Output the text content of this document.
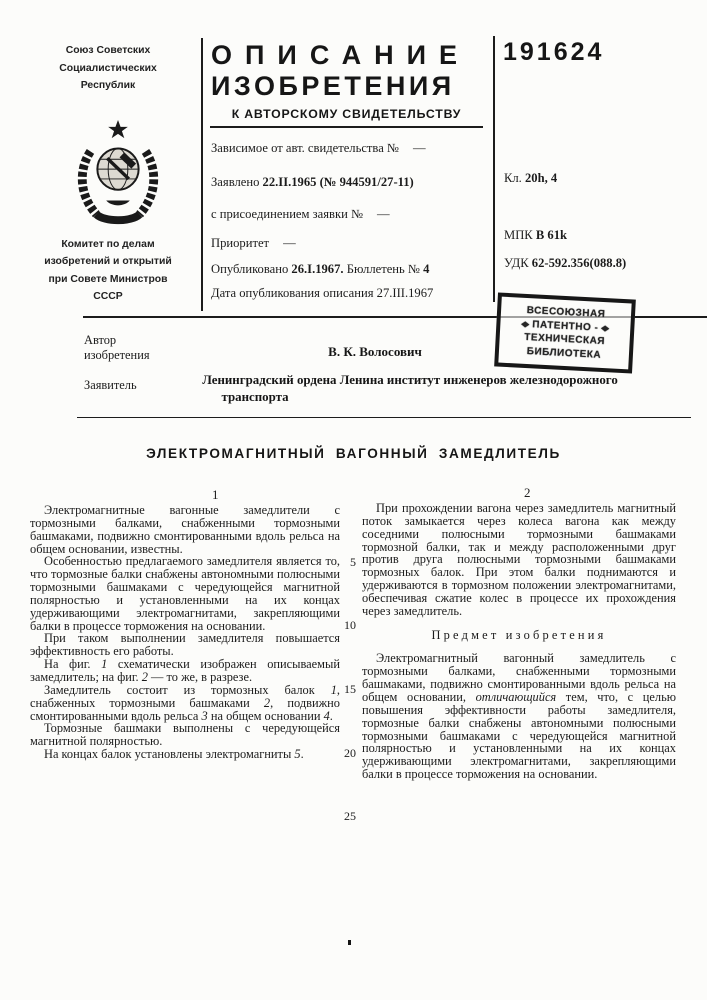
Союз Советских
Социалистических
Республик
Комитет по делам
изобретений и открытий
при Совете Министров
СССР
ОПИСАНИЕ
ИЗОБРЕТЕНИЯ
К АВТОРСКОМУ СВИДЕТЕЛЬСТВУ
191624
Зависимое от авт. свидетельства № —
Заявлено 22.II.1965 (№ 944591/27-11)
с присоединением заявки № —
Приоритет —
Опубликовано 26.I.1967. Бюллетень № 4
Дата опубликования описания 27.III.1967
Кл. 20h, 4
МПК В 61k
УДК 62-592.356(088.8)
ВСЕСОЮЗНАЯ
◆ ПАТЕНТНО - ◆
ТЕХНИЧЕСКАЯ
БИБЛИОТЕКА
Автор
изобретения	В. К. Волосович
Заявитель	Ленинградский ордена Ленина институт инженеров железнодорожного
транспорта
ЭЛЕКТРОМАГНИТНЫЙ ВАГОННЫЙ ЗАМЕДЛИТЕЛЬ
1	2

Электромагнитные вагонные замедлители с тормозными балками, снабженными тормозными башмаками, подвижно смонтированными вдоль рельса на общем основании, известны.

Особенностью предлагаемого замедлителя является то, что тормозные балки снабжены автономными полюсными тормозными башмаками с чередующейся магнитной полярностью и установленными на их концах удерживающими электромагнитами, закрепляющими балки в процессе торможения на основании.

При таком выполнении замедлителя повышается эффективность его работы.

На фиг. 1 схематически изображен описываемый замедлитель; на фиг. 2 — то же, в разрезе.

Замедлитель состоит из тормозных балок 1, снабженных тормозными башмаками 2, подвижно смонтированными вдоль рельса 3 на общем основании 4.

Тормозные башмаки выполнены с чередующейся магнитной полярностью.

На концах балок установлены электромагниты 5.

При прохождении вагона через замедлитель магнитный поток замыкается через колеса вагона как между соседними полюсными тормозными башмаками тормозной балки, так и между расположенными друг против друга полюсными тормозными башмаками тормозных балок. При этом балки поднимаются и удерживаются в тормозном положении электромагнитами, обеспечивая сжатие колес в процессе их прохождения через замедлитель.

Предмет изобретения

Электромагнитный вагонный замедлитель с тормозными балками, снабженными тормозными башмаками, подвижно смонтированными вдоль рельса на общем основании, отличающийся тем, что, с целью повышения эффективности работы замедлителя, тормозные балки снабжены автономными полюсными тормозными башмаками с чередующейся магнитной полярностью и установленными на их концах удерживающими электромагнитами, закрепляющими балки в процессе торможения на основании.

5
10
15
20
25
